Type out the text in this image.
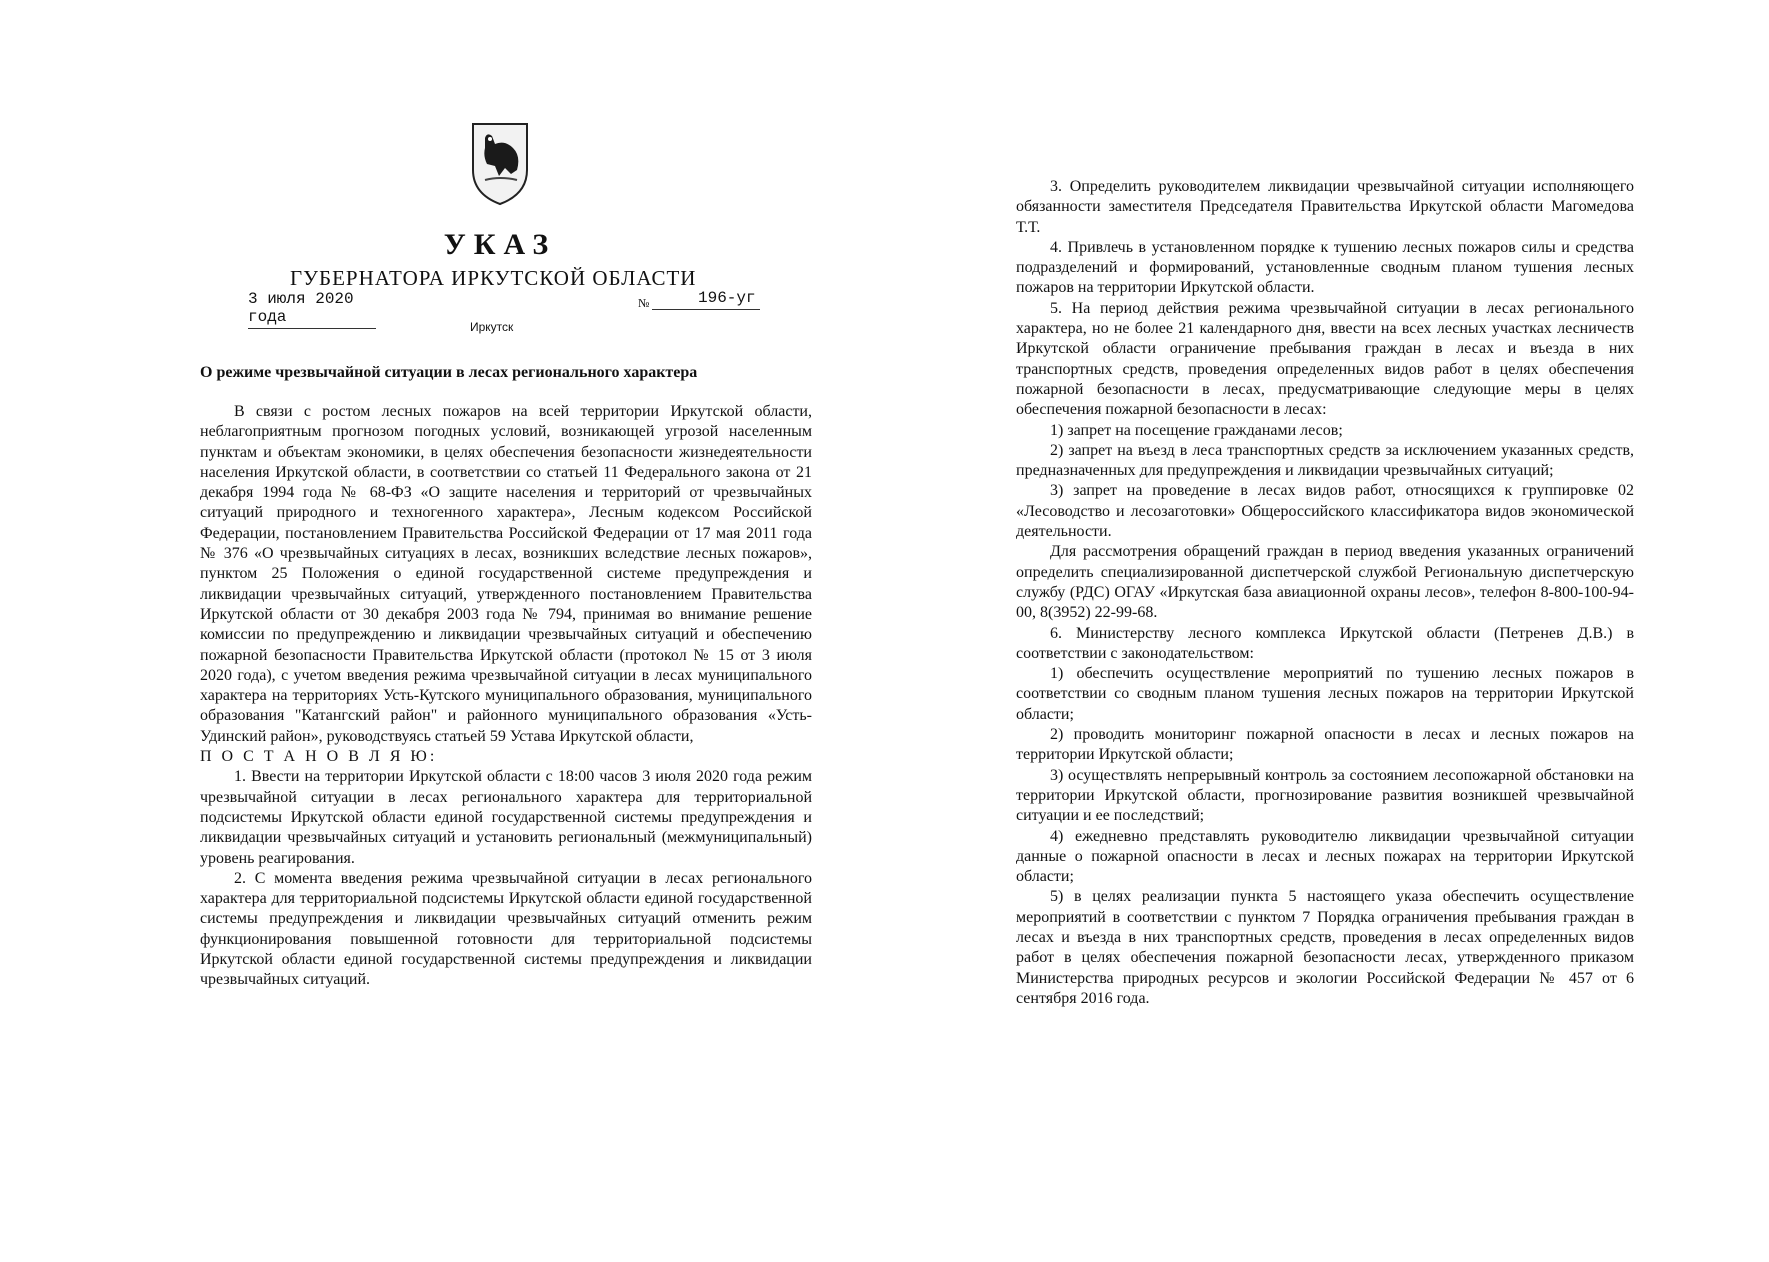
УКАЗ
ГУБЕРНАТОРА ИРКУТСКОЙ ОБЛАСТИ
3 июля 2020 года
№	196-уг
Иркутск
О режиме чрезвычайной ситуации в лесах регионального характера

В связи с ростом лесных пожаров на всей территории Иркутской области, неблагоприятным прогнозом погодных условий, возникающей угрозой населенным пунктам и объектам экономики, в целях обеспечения безопасности жизнедеятельности населения Иркутской области, в соответствии со статьей 11 Федерального закона от 21 декабря 1994 года № 68-ФЗ «О защите населения и территорий от чрезвычайных ситуаций природного и техногенного характера», Лесным кодексом Российской Федерации, постановлением Правительства Российской Федерации от 17 мая 2011 года № 376 «О чрезвычайных ситуациях в лесах, возникших вследствие лесных пожаров», пунктом 25 Положения о единой государственной системе предупреждения и ликвидации чрезвычайных ситуаций, утвержденного постановлением Правительства Иркутской области от 30 декабря 2003 года № 794, принимая во внимание решение комиссии по предупреждению и ликвидации чрезвычайных ситуаций и обеспечению пожарной безопасности Правительства Иркутской области (протокол № 15 от 3 июля 2020 года), с учетом введения режима чрезвычайной ситуации в лесах муниципального характера на территориях Усть-Кутского муниципального образования, муниципального образования "Катангский район" и районного муниципального образования «Усть-Удинский район», руководствуясь статьей 59 Устава Иркутской области,

П О С Т А Н О В Л Я Ю:

1. Ввести на территории Иркутской области с 18:00 часов 3 июля 2020 года режим чрезвычайной ситуации в лесах регионального характера для территориальной подсистемы Иркутской области единой государственной системы предупреждения и ликвидации чрезвычайных ситуаций и установить региональный (межмуниципальный) уровень реагирования.

2. С момента введения режима чрезвычайной ситуации в лесах регионального характера для территориальной подсистемы Иркутской области единой государственной системы предупреждения и ликвидации чрезвычайных ситуаций отменить режим функционирования повышенной готовности для территориальной подсистемы Иркутской области единой государственной системы предупреждения и ликвидации чрезвычайных ситуаций.

3. Определить руководителем ликвидации чрезвычайной ситуации исполняющего обязанности заместителя Председателя Правительства Иркутской области Магомедова Т.Т.

4. Привлечь в установленном порядке к тушению лесных пожаров силы и средства подразделений и формирований, установленные сводным планом тушения лесных пожаров на территории Иркутской области.

5. На период действия режима чрезвычайной ситуации в лесах регионального характера, но не более 21 календарного дня, ввести на всех лесных участках лесничеств Иркутской области ограничение пребывания граждан в лесах и въезда в них транспортных средств, проведения определенных видов работ в целях обеспечения пожарной безопасности в лесах, предусматривающие следующие меры в целях обеспечения пожарной безопасности в лесах:

1) запрет на посещение гражданами лесов;

2) запрет на въезд в леса транспортных средств за исключением указанных средств, предназначенных для предупреждения и ликвидации чрезвычайных ситуаций;

3) запрет на проведение в лесах видов работ, относящихся к группировке 02 «Лесоводство и лесозаготовки» Общероссийского классификатора видов экономической деятельности.

Для рассмотрения обращений граждан в период введения указанных ограничений определить специализированной диспетчерской службой Региональную диспетчерскую службу (РДС) ОГАУ «Иркутская база авиационной охраны лесов», телефон 8-800-100-94-00, 8(3952) 22-99-68.

6. Министерству лесного комплекса Иркутской области (Петренев Д.В.) в соответствии с законодательством:

1) обеспечить осуществление мероприятий по тушению лесных пожаров в соответствии со сводным планом тушения лесных пожаров на территории Иркутской области;

2) проводить мониторинг пожарной опасности в лесах и лесных пожаров на территории Иркутской области;

3) осуществлять непрерывный контроль за состоянием лесопожарной обстановки на территории Иркутской области, прогнозирование развития возникшей чрезвычайной ситуации и ее последствий;

4) ежедневно представлять руководителю ликвидации чрезвычайной ситуации данные о пожарной опасности в лесах и лесных пожарах на территории Иркутской области;

5) в целях реализации пункта 5 настоящего указа обеспечить осуществление мероприятий в соответствии с пунктом 7 Порядка ограничения пребывания граждан в лесах и въезда в них транспортных средств, проведения в лесах определенных видов работ в целях обеспечения пожарной безопасности лесах, утвержденного приказом Министерства природных ресурсов и экологии Российской Федерации № 457 от 6 сентября 2016 года.
